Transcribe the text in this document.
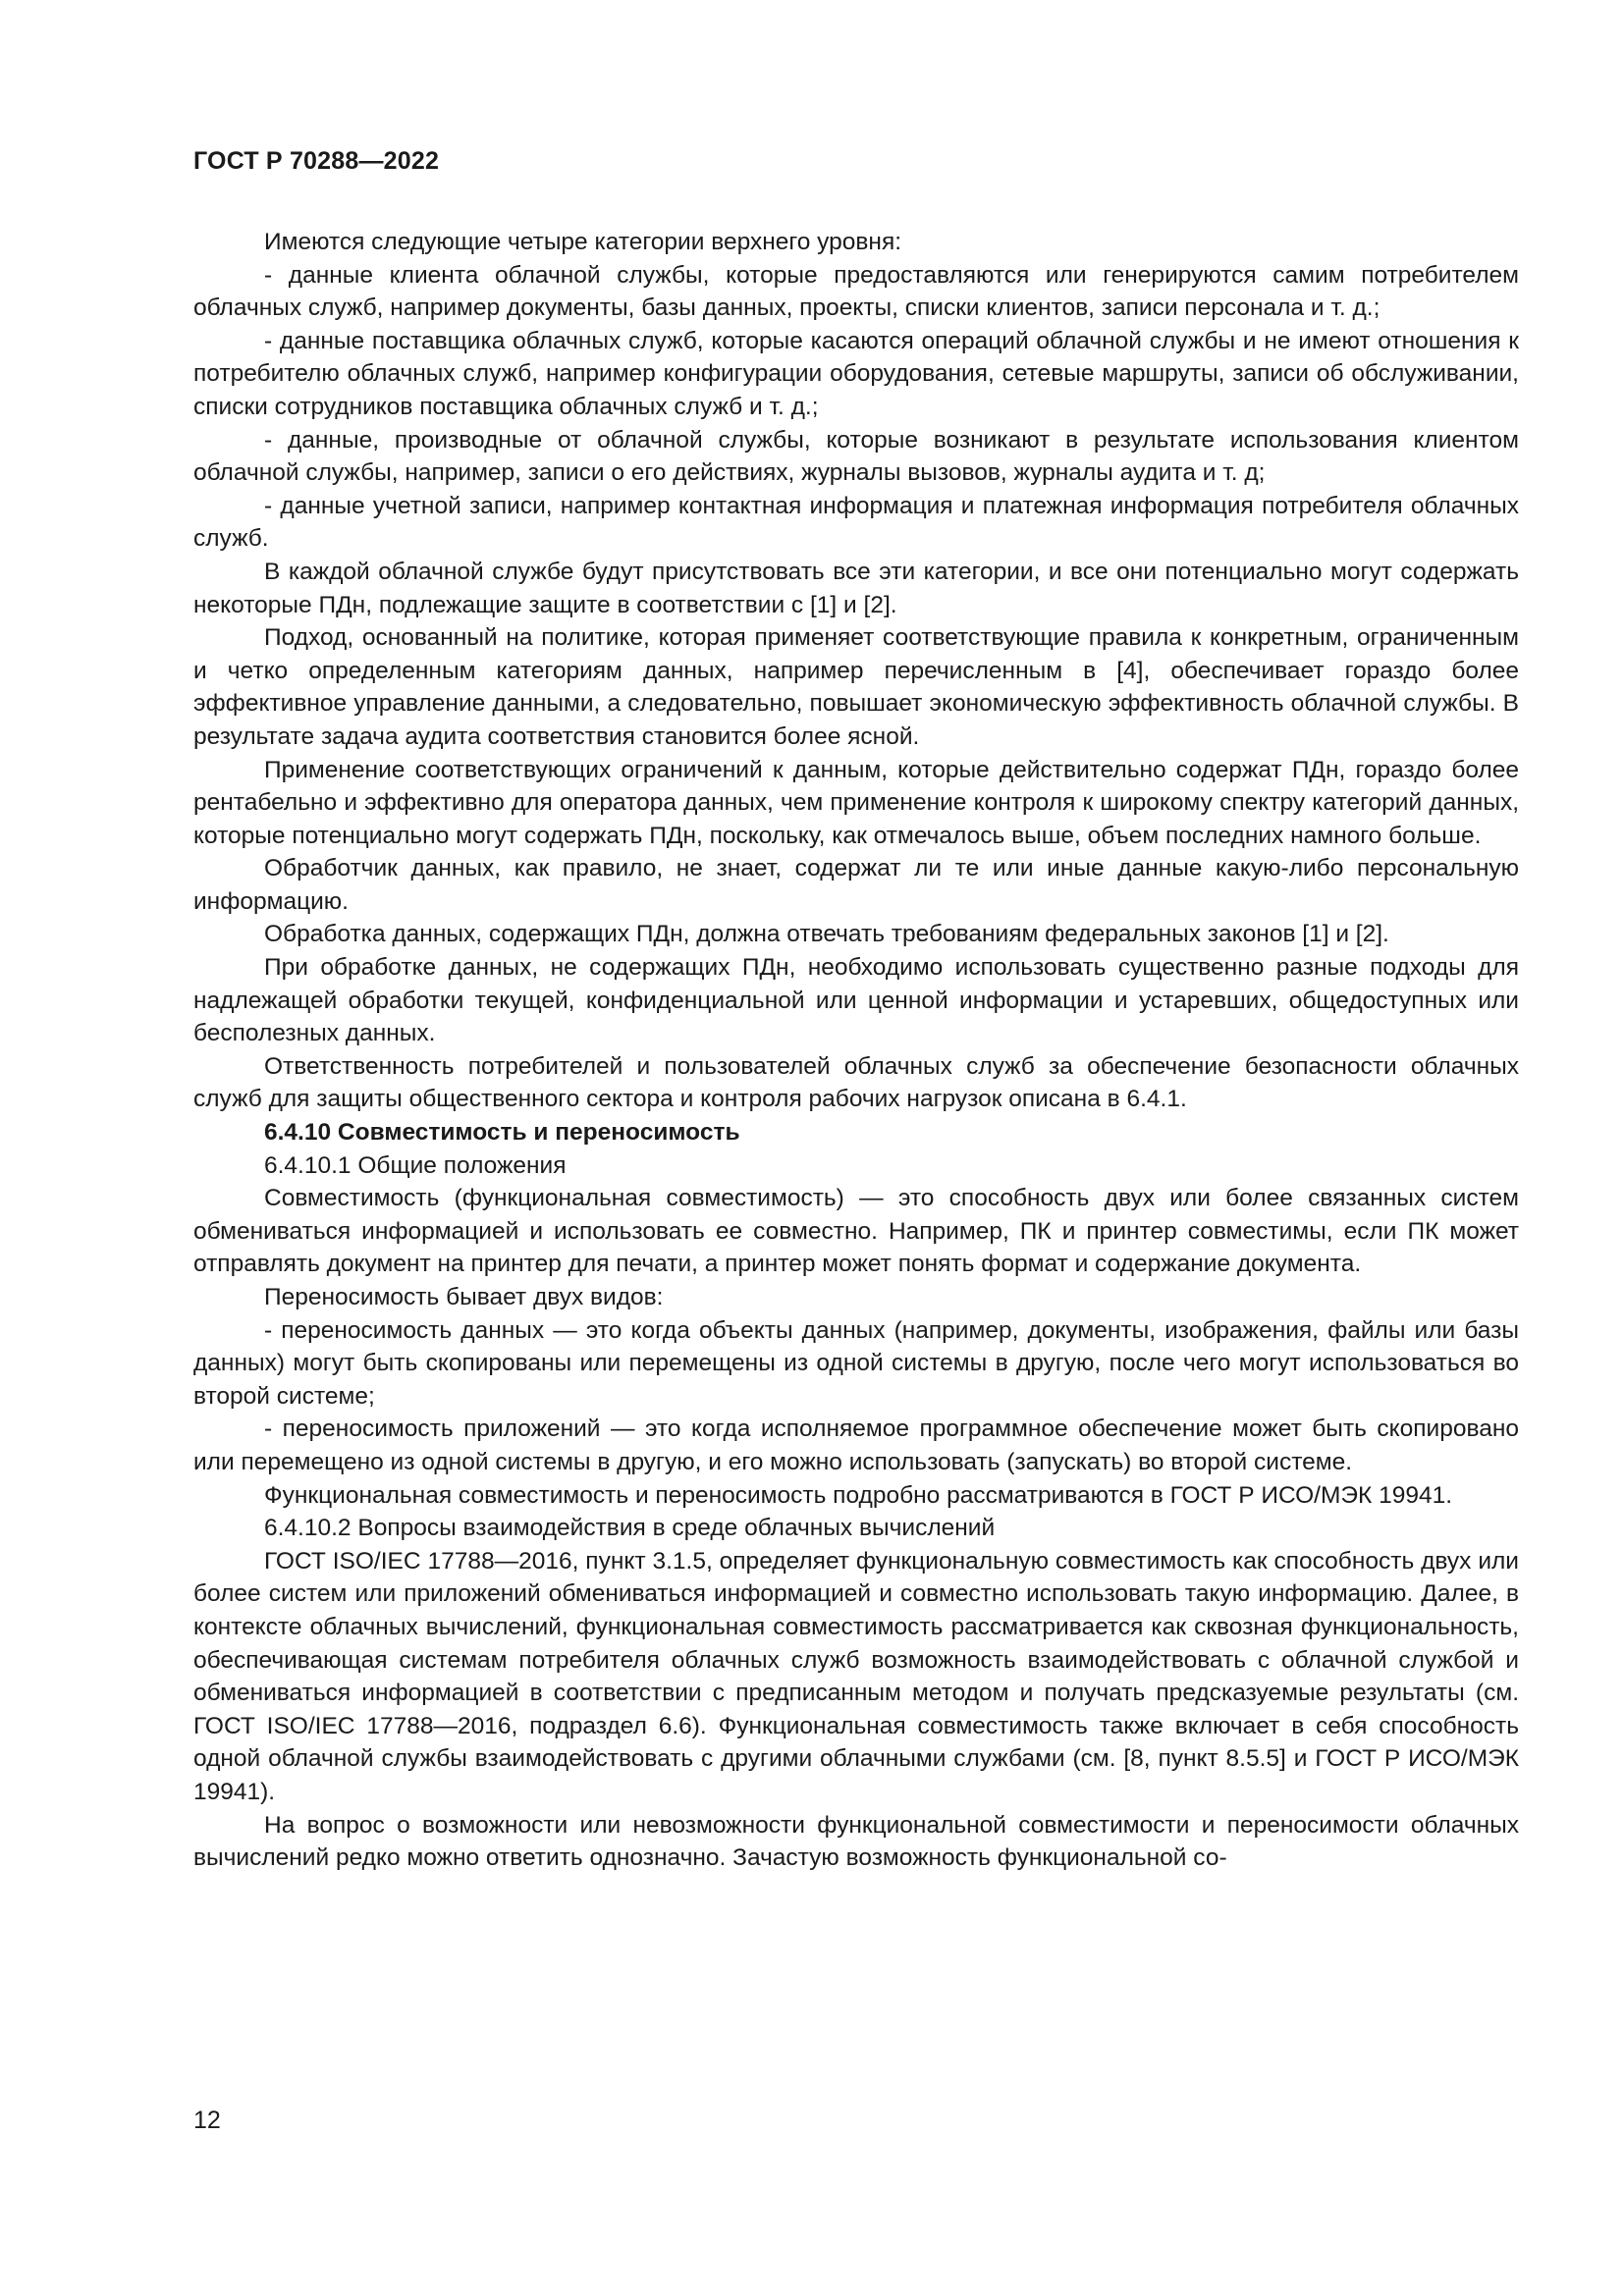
ГОСТ Р 70288—2022

Имеются следующие четыре категории верхнего уровня:

- данные клиента облачной службы, которые предоставляются или генерируются самим потребителем облачных служб, например документы, базы данных, проекты, списки клиентов, записи персонала и т. д.;

- данные поставщика облачных служб, которые касаются операций облачной службы и не имеют отношения к потребителю облачных служб, например конфигурации оборудования, сетевые маршруты, записи об обслуживании, списки сотрудников поставщика облачных служб и т. д.;

- данные, производные от облачной службы, которые возникают в результате использования клиентом облачной службы, например, записи о его действиях, журналы вызовов, журналы аудита и т. д;

- данные учетной записи, например контактная информация и платежная информация потребителя облачных служб.

В каждой облачной службе будут присутствовать все эти категории, и все они потенциально могут содержать некоторые ПДн, подлежащие защите в соответствии с [1] и [2].

Подход, основанный на политике, которая применяет соответствующие правила к конкретным, ограниченным и четко определенным категориям данных, например перечисленным в [4], обеспечивает гораздо более эффективное управление данными, а следовательно, повышает экономическую эффективность облачной службы. В результате задача аудита соответствия становится более ясной.

Применение соответствующих ограничений к данным, которые действительно содержат ПДн, гораздо более рентабельно и эффективно для оператора данных, чем применение контроля к широкому спектру категорий данных, которые потенциально могут содержать ПДн, поскольку, как отмечалось выше, объем последних намного больше.

Обработчик данных, как правило, не знает, содержат ли те или иные данные какую-либо персональную информацию.

Обработка данных, содержащих ПДн, должна отвечать требованиям федеральных законов [1] и [2].

При обработке данных, не содержащих ПДн, необходимо использовать существенно разные подходы для надлежащей обработки текущей, конфиденциальной или ценной информации и устаревших, общедоступных или бесполезных данных.

Ответственность потребителей и пользователей облачных служб за обеспечение безопасности облачных служб для защиты общественного сектора и контроля рабочих нагрузок описана в 6.4.1.

6.4.10 Совместимость и переносимость

6.4.10.1 Общие положения

Совместимость (функциональная совместимость) — это способность двух или более связанных систем обмениваться информацией и использовать ее совместно. Например, ПК и принтер совместимы, если ПК может отправлять документ на принтер для печати, а принтер может понять формат и содержание документа.

Переносимость бывает двух видов:

- переносимость данных — это когда объекты данных (например, документы, изображения, файлы или базы данных) могут быть скопированы или перемещены из одной системы в другую, после чего могут использоваться во второй системе;

- переносимость приложений — это когда исполняемое программное обеспечение может быть скопировано или перемещено из одной системы в другую, и его можно использовать (запускать) во второй системе.

Функциональная совместимость и переносимость подробно рассматриваются в ГОСТ Р ИСО/МЭК 19941.

6.4.10.2 Вопросы взаимодействия в среде облачных вычислений

ГОСТ ISO/IEC 17788—2016, пункт 3.1.5, определяет функциональную совместимость как способность двух или более систем или приложений обмениваться информацией и совместно использовать такую информацию. Далее, в контексте облачных вычислений, функциональная совместимость рассматривается как сквозная функциональность, обеспечивающая системам потребителя облачных служб возможность взаимодействовать с облачной службой и обмениваться информацией в соответствии с предписанным методом и получать предсказуемые результаты (см. ГОСТ ISO/IEC 17788—2016, подраздел 6.6). Функциональная совместимость также включает в себя способность одной облачной службы взаимодействовать с другими облачными службами (см. [8, пункт 8.5.5] и ГОСТ Р ИСО/МЭК 19941).

На вопрос о возможности или невозможности функциональной совместимости и переносимости облачных вычислений редко можно ответить однозначно. Зачастую возможность функциональной со-

12
